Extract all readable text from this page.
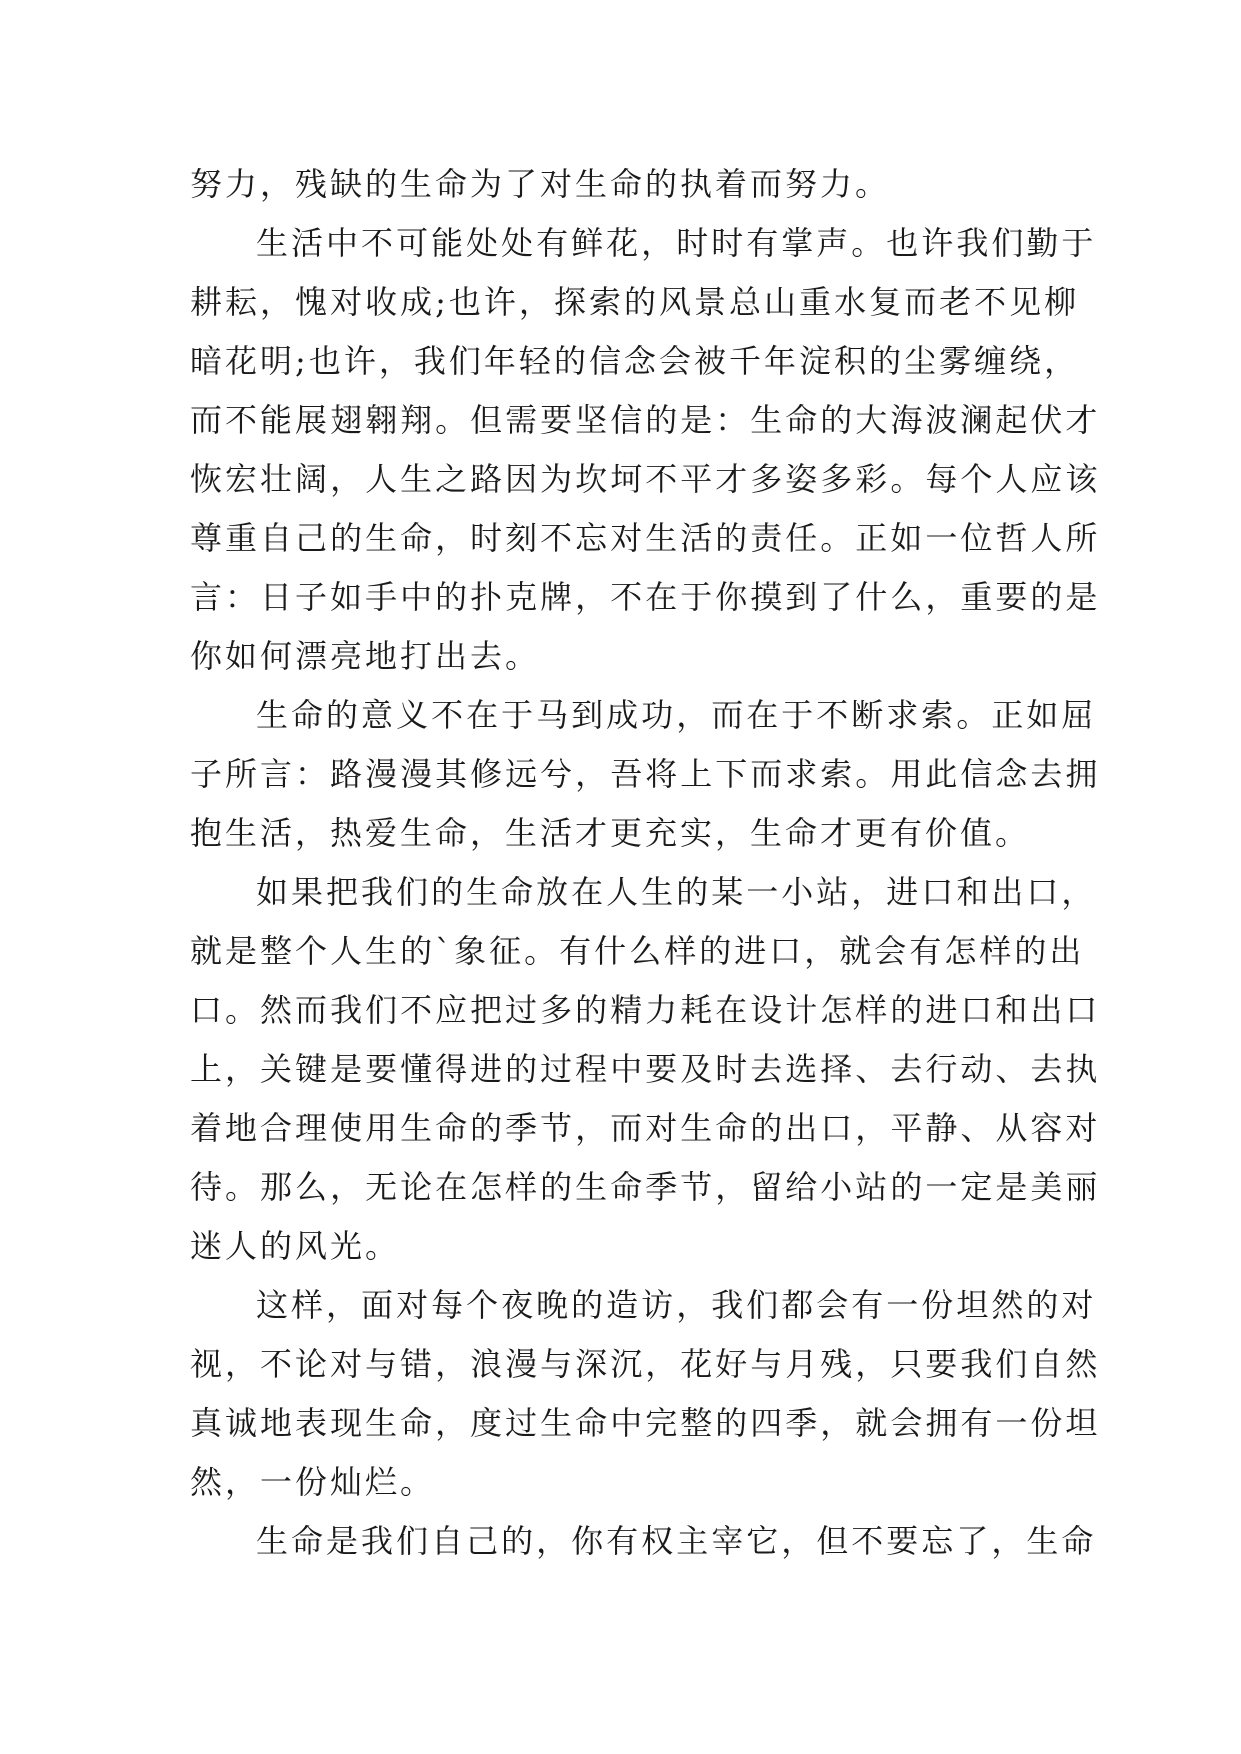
努力，残缺的生命为了对生命的执着而努力。
生 活 中 不 可 能 处 处 有 鲜 花 ， 时 时 有 掌 声 。 也 许 我 们 勤 于
耕 耘 ， 愧 对 收 成 ; 也 许 ， 探 索 的 风 景 总 山 重 水 复 而 老 不 见 柳
暗 花 明 ; 也 许 ， 我 们 年 轻 的 信 念 会 被 千 年 淀 积 的 尘 雾 缠 绕 ，
而 不 能 展 翅 翱 翔 。 但 需 要 坚 信 的 是 ： 生 命 的 大 海 波 澜 起 伏 才
恢 宏 壮 阔 ， 人 生 之 路 因 为 坎 坷 不 平 才 多 姿 多 彩 。 每 个 人 应 该
尊 重 自 己 的 生 命 ， 时 刻 不 忘 对 生 活 的 责 任 。 正 如 一 位 哲 人 所
言 ： 日 子 如 手 中 的 扑 克 牌 ， 不 在 于 你 摸 到 了 什 么 ， 重 要 的 是
你如何漂亮地打出去。
生 命 的 意 义 不 在 于 马 到 成 功 ， 而 在 于 不 断 求 索 。 正 如 屈
子 所 言 ： 路 漫 漫 其 修 远 兮 ， 吾 将 上 下 而 求 索 。 用 此 信 念 去 拥
抱生活，热爱生命，生活才更充实，生命才更有价值。
如 果 把 我 们 的 生 命 放 在 人 生 的 某 一 小 站 ， 进 口 和 出 口 ，
就 是 整 个 人 生 的 ` 象 征 。 有 什 么 样 的 进 口 ， 就 会 有 怎 样 的 出
口 。 然 而 我 们 不 应 把 过 多 的 精 力 耗 在 设 计 怎 样 的 进 口 和 出 口
上 ， 关 键 是 要 懂 得 进 的 过 程 中 要 及 时 去 选 择 、 去 行 动 、 去 执
着 地 合 理 使 用 生 命 的 季 节 ， 而 对 生 命 的 出 口 ， 平 静 、 从 容 对
待 。 那 么 ， 无 论 在 怎 样 的 生 命 季 节 ， 留 给 小 站 的 一 定 是 美 丽
迷人的风光。
这 样 ， 面 对 每 个 夜 晚 的 造 访 ， 我 们 都 会 有 一 份 坦 然 的 对
视 ， 不 论 对 与 错 ， 浪 漫 与 深 沉 ， 花 好 与 月 残 ， 只 要 我 们 自 然
真 诚 地 表 现 生 命 ， 度 过 生 命 中 完 整 的 四 季 ， 就 会 拥 有 一 份 坦
然，一份灿烂。
生 命 是 我 们 自 己 的 ， 你 有 权 主 宰 它 ， 但 不 要 忘 了 ， 生 命
